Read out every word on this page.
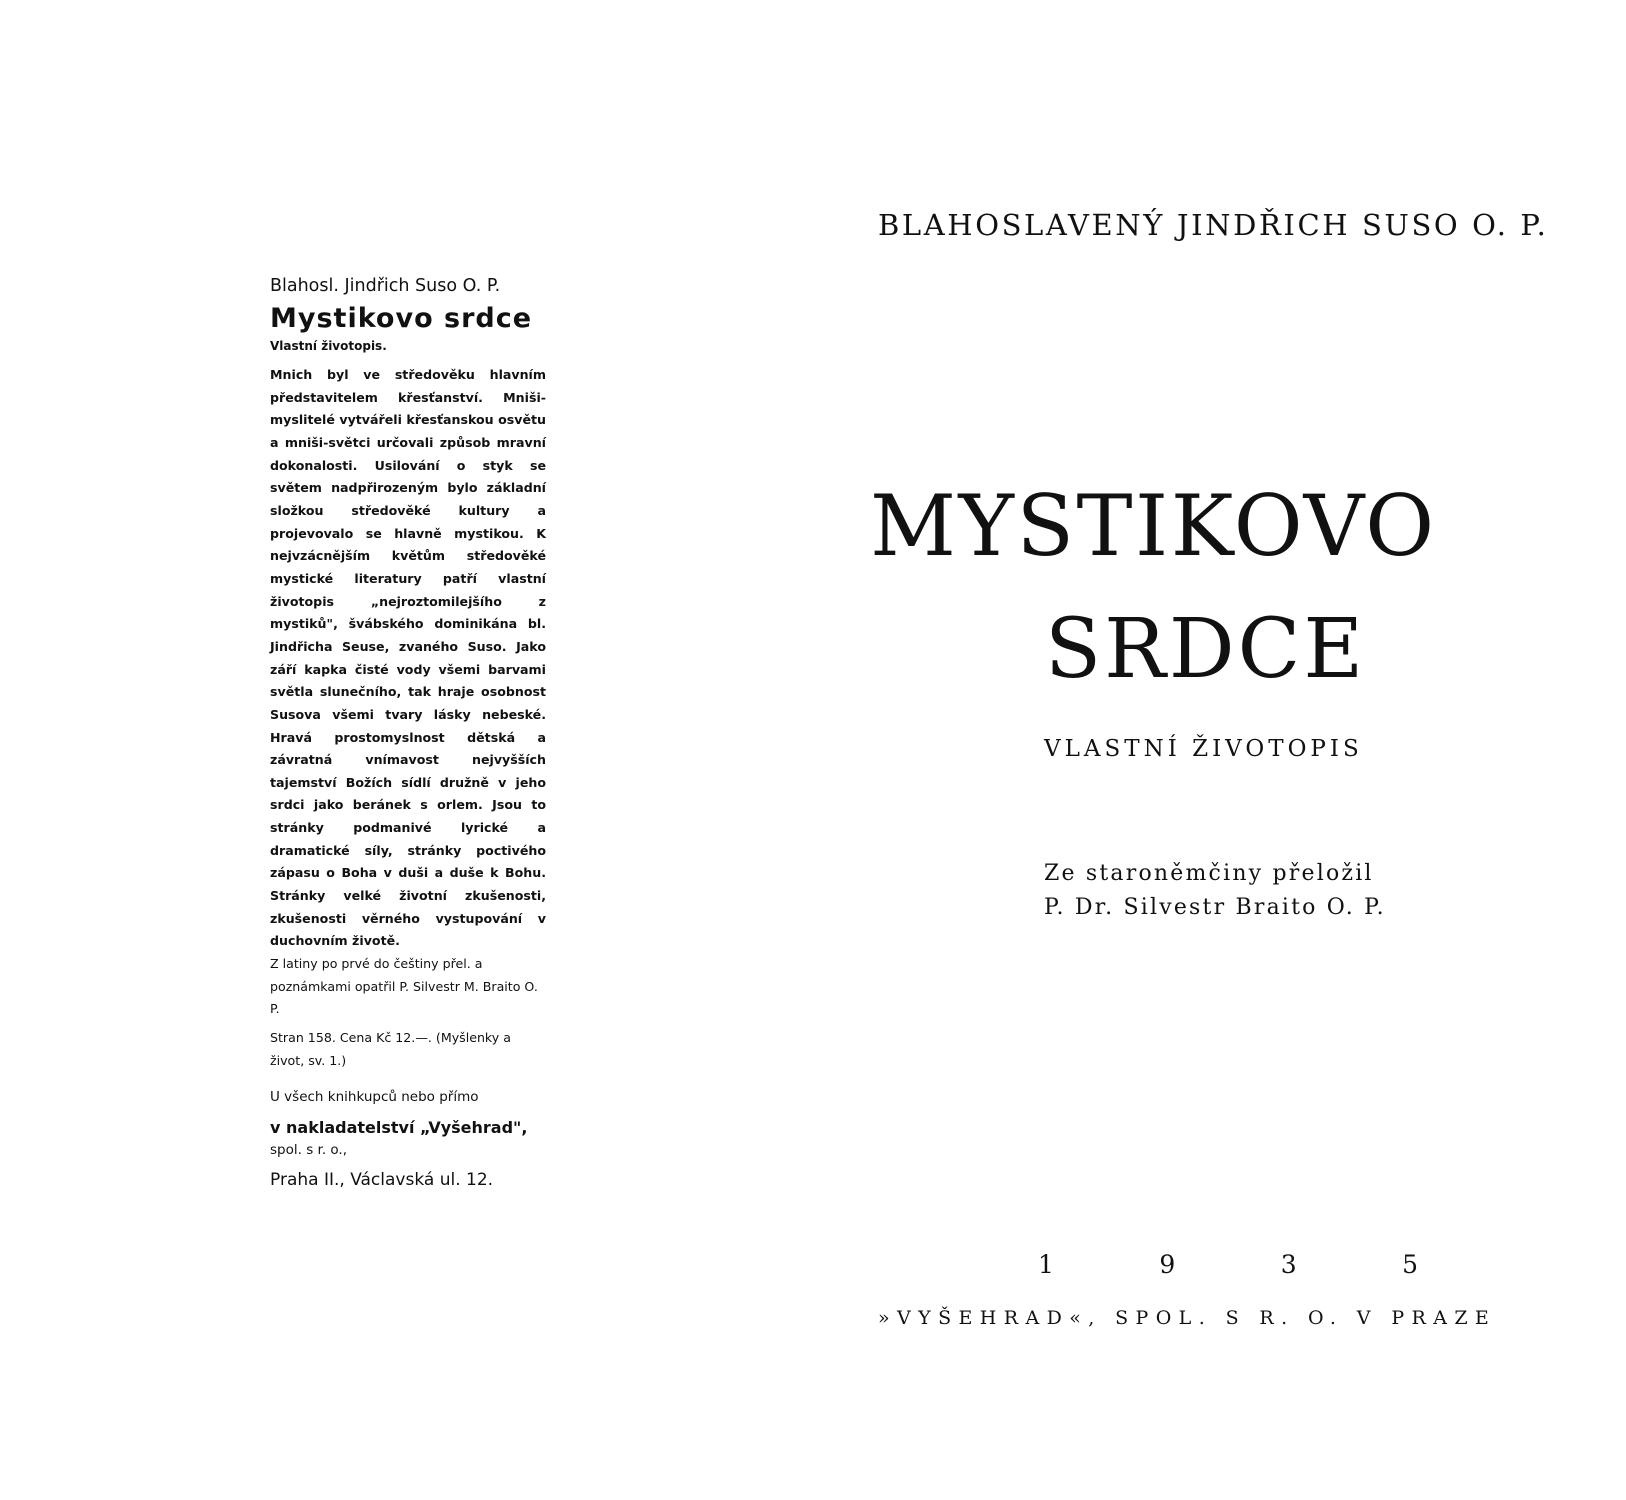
Blahosl. Jindřich Suso O. P.

Mystikovo srdce

Vlastní životopis.

Mnich byl ve středověku hlavním představitelem křesťanství. Mniši-myslitelé vytvářeli křesťanskou osvětu a mniši-světci určovali způsob mravní dokonalosti. Usilování o styk se světem nadpřirozeným bylo základní složkou středověké kultury a projevovalo se hlavně mystikou. K nejvzácnějším květům středověké mystické literatury patří vlastní životopis „nejroztomilejšího z mystiků", švábského dominikána bl. Jindřicha Seuse, zvaného Suso. Jako září kapka čisté vody všemi barvami světla slunečního, tak hraje osobnost Susova všemi tvary lásky nebeské. Hravá prostomyslnost dětská a závratná vnímavost nejvyšších tajemství Božích sídlí družně v jeho srdci jako beránek s orlem. Jsou to stránky podmanivé lyrické a dramatické síly, stránky poctivého zápasu o Boha v duši a duše k Bohu. Stránky velké životní zkušenosti, zkušenosti věrného vystupování v duchovním životě.

Z latiny po prvé do češtiny přel. a poznámkami opatřil P. Silvestr M. Braito O. P.

Stran 158. Cena Kč 12.—. (Myšlenky a život, sv. 1.)

U všech knihkupců nebo přímo

v nakladatelství „Vyšehrad",

spol. s r. o.,

Praha II., Václavská ul. 12.

BLAHOSLAVENÝ JINDŘICH SUSO O. P.

MYSTIKOVO

SRDCE

VLASTNÍ ŽIVOTOPIS

Ze staroněmčiny přeložil
P. Dr. Silvestr Braito O. P.
1	9	3	5

»VYŠEHRAD«, SPOL. S R. O. V PRAZE
